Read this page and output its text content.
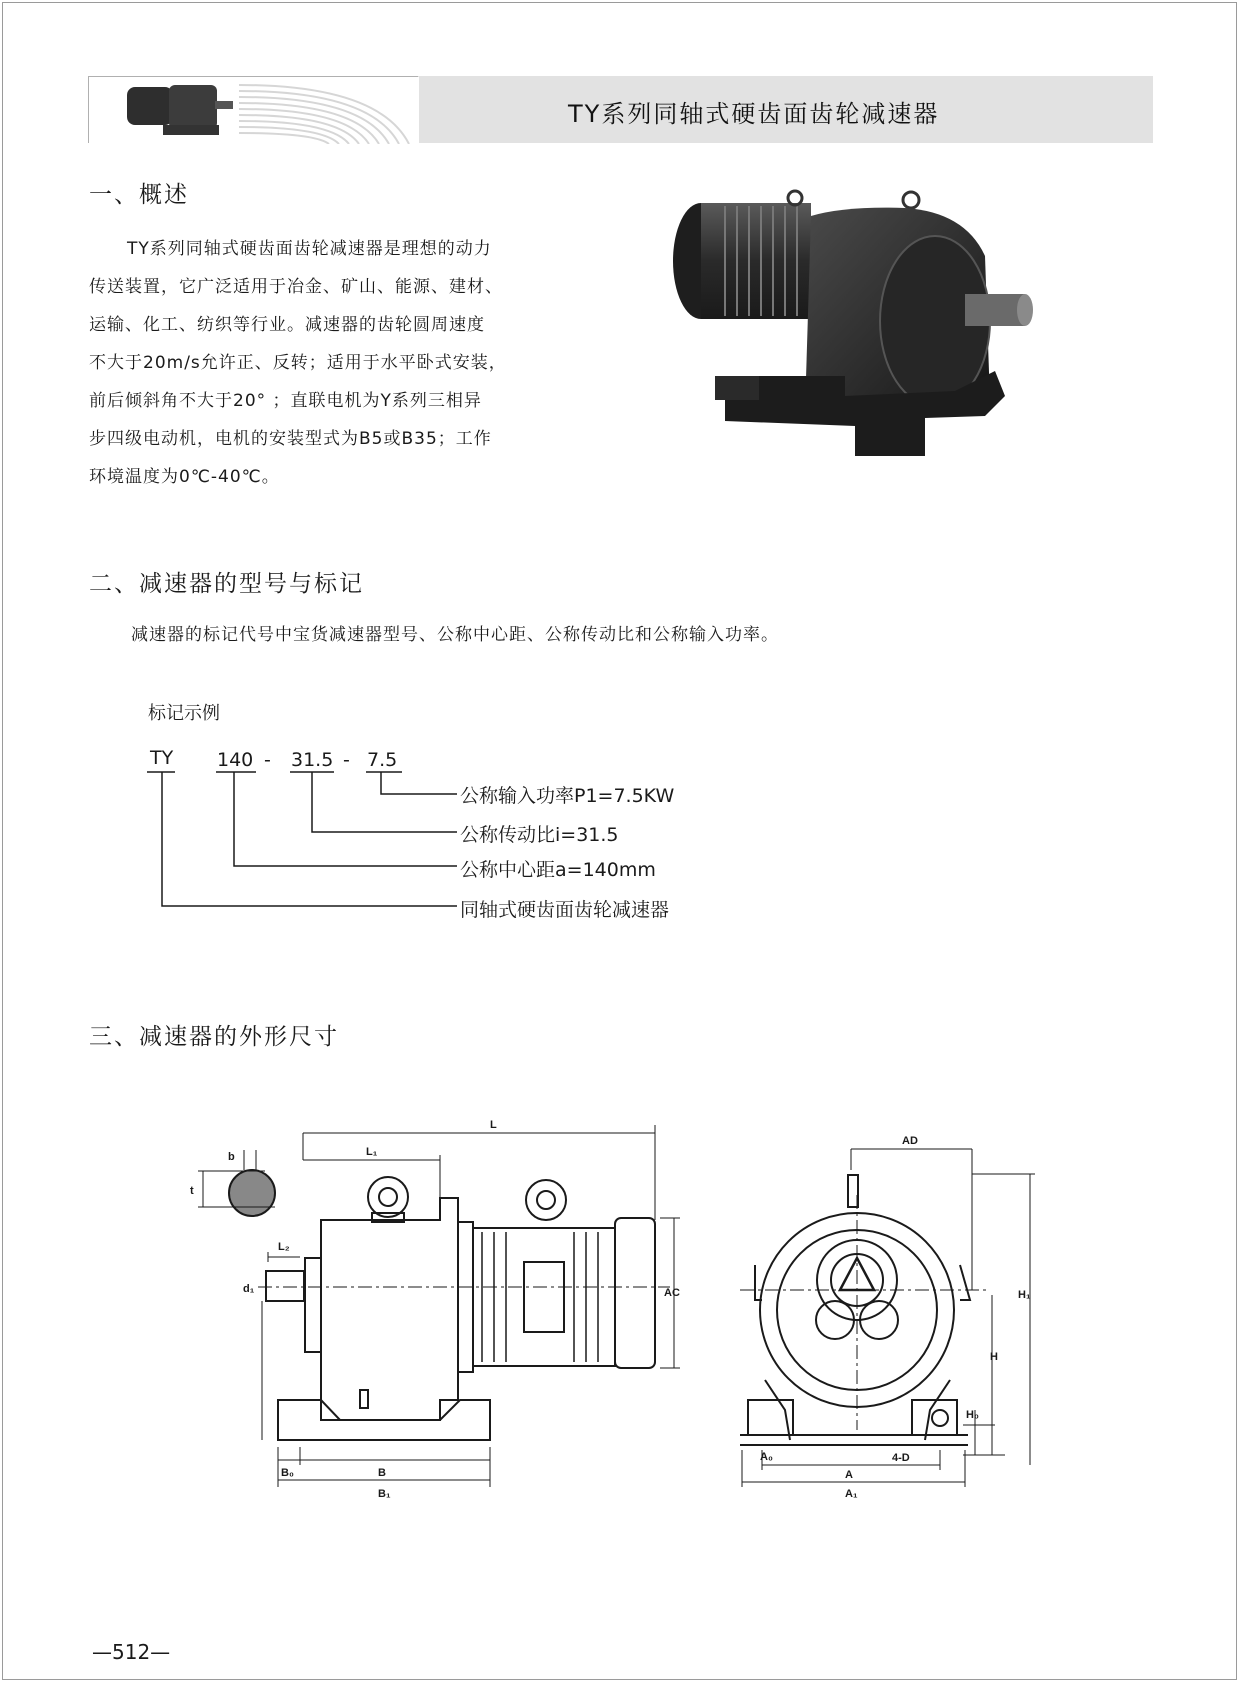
TY系列同轴式硬齿面齿轮减速器
一、概述

TY系列同轴式硬齿面齿轮减速器是理想的动力
传送装置，它广泛适用于冶金、矿山、能源、建材、
运输、化工、纺织等行业。减速器的齿轮圆周速度
不大于20m/s允许正、反转；适用于水平卧式安装，
前后倾斜角不大于20° ；直联电机为Y系列三相异
步四级电动机，电机的安装型式为B5或B35；工作
环境温度为0℃-40℃。

二、减速器的型号与标记
减速器的标记代号中宝货减速器型号、公称中心距、公称传动比和公称输入功率。
标记示例
TY 140 - 31.5 - 7.5
公称输入功率P1=7.5KW
公称传动比i=31.5
公称中心距a=140mm
同轴式硬齿面齿轮减速器
三、减速器的外形尺寸
L
L₁
L₂
b
t
d₁	AC
B₀	B
B₁
AD
H₁
H
H₀
A₀
A
A₁
4-D
—512—
